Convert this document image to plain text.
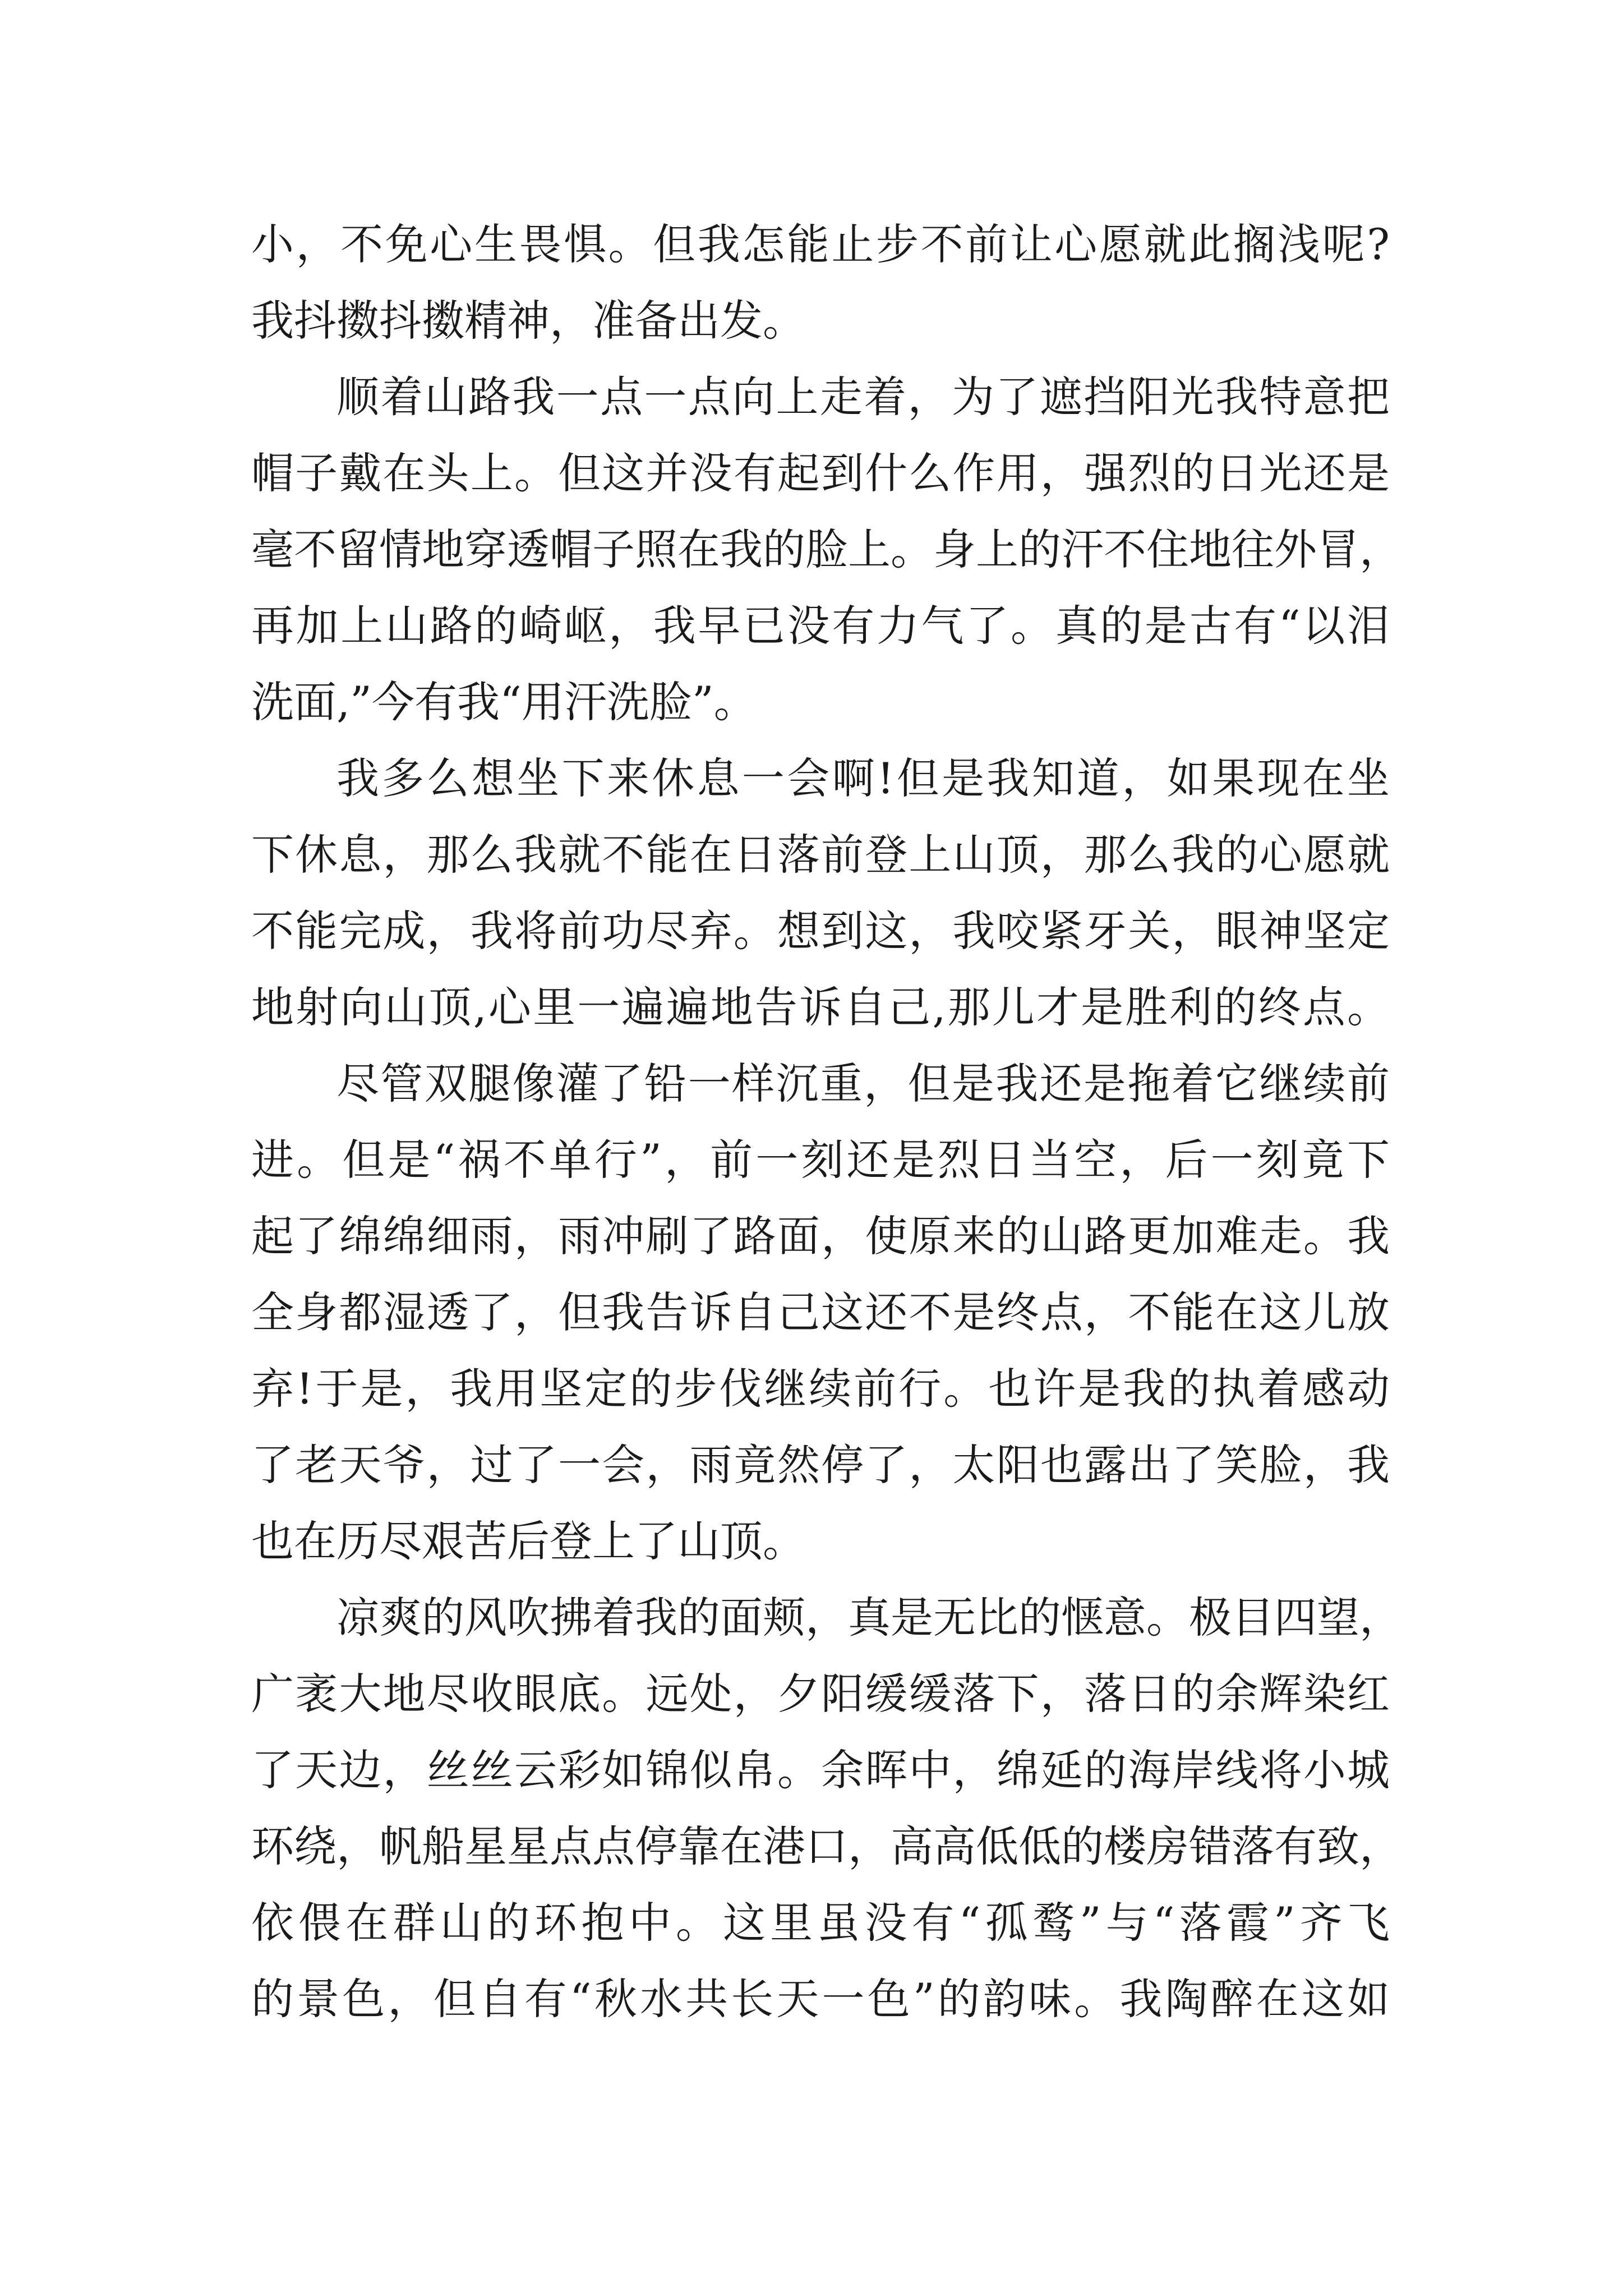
小，不免心生畏惧。但我怎能止步不前让心愿就此搁浅呢?
我抖擞抖擞精神，准备出发。
顺着山路我一点一点向上走着，为了遮挡阳光我特意把
帽子戴在头上。但这并没有起到什么作用，强烈的日光还是
毫不留情地穿透帽子照在我的脸上。身上的汗不住地往外冒，
再加上山路的崎岖，我早已没有力气了。真的是古有“以泪
洗面,”今有我“用汗洗脸”。
我多么想坐下来休息一会啊!但是我知道，如果现在坐
下休息，那么我就不能在日落前登上山顶，那么我的心愿就
不能完成，我将前功尽弃。想到这，我咬紧牙关，眼神坚定
地射向山顶,心里一遍遍地告诉自己,那儿才是胜利的终点。
尽管双腿像灌了铅一样沉重，但是我还是拖着它继续前
进。但是“祸不单行”，前一刻还是烈日当空，后一刻竟下
起了绵绵细雨，雨冲刷了路面，使原来的山路更加难走。我
全身都湿透了，但我告诉自己这还不是终点，不能在这儿放
弃!于是，我用坚定的步伐继续前行。也许是我的执着感动
了老天爷，过了一会，雨竟然停了，太阳也露出了笑脸，我
也在历尽艰苦后登上了山顶。
凉爽的风吹拂着我的面颊，真是无比的惬意。极目四望，
广袤大地尽收眼底。远处，夕阳缓缓落下，落日的余辉染红
了天边，丝丝云彩如锦似帛。余晖中，绵延的海岸线将小城
环绕，帆船星星点点停靠在港口，高高低低的楼房错落有致，
依偎在群山的环抱中。这里虽没有“孤鹜”与“落霞”齐飞
的景色，但自有“秋水共长天一色”的韵味。我陶醉在这如
